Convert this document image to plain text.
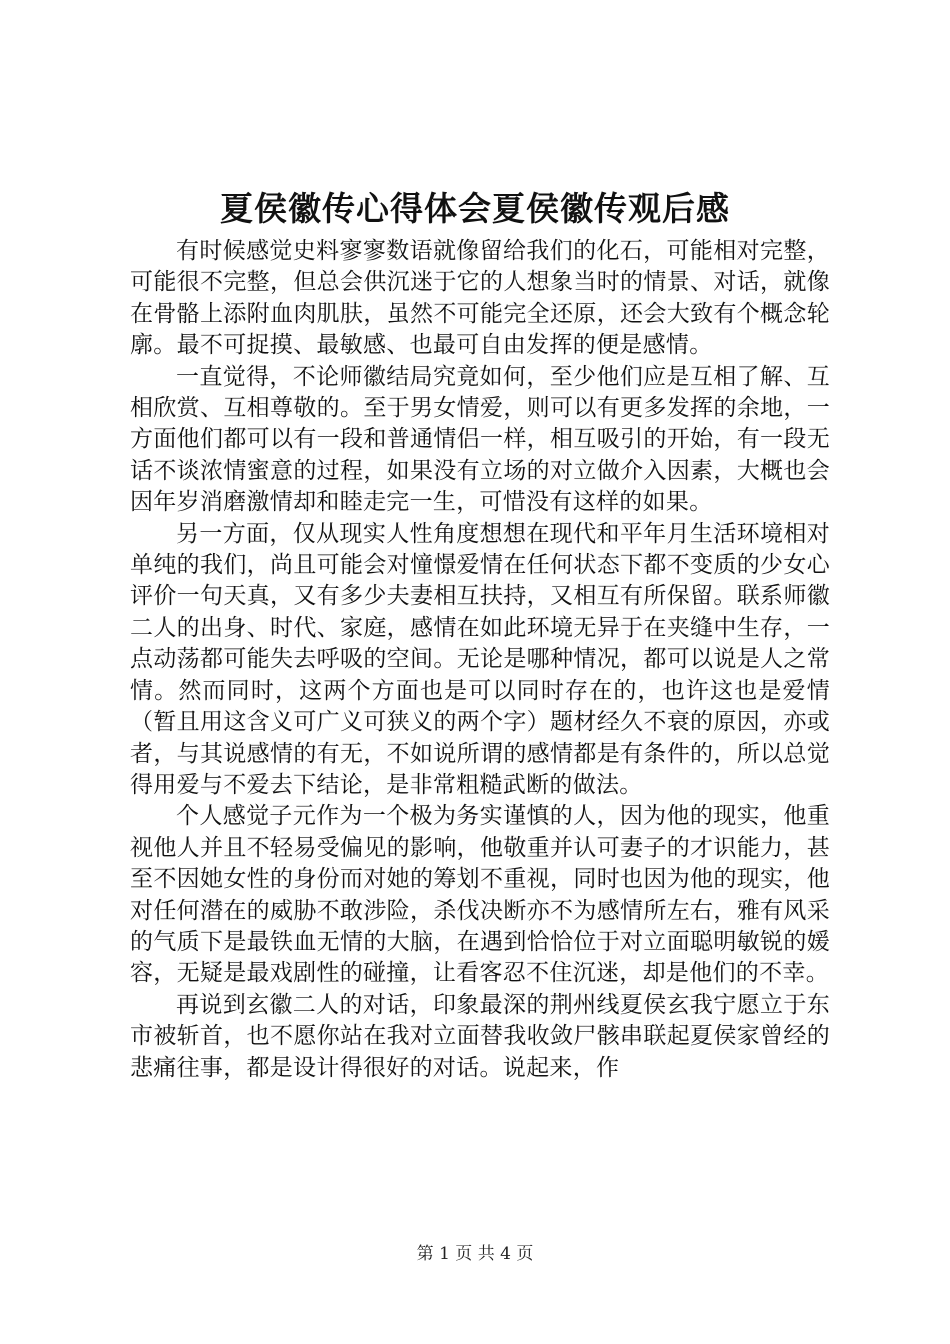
夏侯徽传心得体会夏侯徽传观后感

有时候感觉史料寥寥数语就像留给我们的化石，可能相对完整，可能很不完整，但总会供沉迷于它的人想象当时的情景、对话，就像在骨骼上添附血肉肌肤，虽然不可能完全还原，还会大致有个概念轮廓。最不可捉摸、最敏感、也最可自由发挥的便是感情。

一直觉得，不论师徽结局究竟如何，至少他们应是互相了解、互相欣赏、互相尊敬的。至于男女情爱，则可以有更多发挥的余地，一方面他们都可以有一段和普通情侣一样，相互吸引的开始，有一段无话不谈浓情蜜意的过程，如果没有立场的对立做介入因素，大概也会因年岁消磨激情却和睦走完一生，可惜没有这样的如果。

另一方面，仅从现实人性角度想想在现代和平年月生活环境相对单纯的我们，尚且可能会对憧憬爱情在任何状态下都不变质的少女心评价一句天真，又有多少夫妻相互扶持，又相互有所保留。联系师徽二人的出身、时代、家庭，感情在如此环境无异于在夹缝中生存，一点动荡都可能失去呼吸的空间。无论是哪种情况，都可以说是人之常情。然而同时，这两个方面也是可以同时存在的，也许这也是爱情（暂且用这含义可广义可狭义的两个字）题材经久不衰的原因，亦或者，与其说感情的有无，不如说所谓的感情都是有条件的，所以总觉得用爱与不爱去下结论，是非常粗糙武断的做法。

个人感觉子元作为一个极为务实谨慎的人，因为他的现实，他重视他人并且不轻易受偏见的影响，他敬重并认可妻子的才识能力，甚至不因她女性的身份而对她的筹划不重视，同时也因为他的现实，他对任何潜在的威胁不敢涉险，杀伐决断亦不为感情所左右，雅有风采的气质下是最铁血无情的大脑，在遇到恰恰位于对立面聪明敏锐的媛容，无疑是最戏剧性的碰撞，让看客忍不住沉迷，却是他们的不幸。

再说到玄徽二人的对话，印象最深的荆州线夏侯玄我宁愿立于东市被斩首，也不愿你站在我对立面替我收敛尸骸串联起夏侯家曾经的悲痛往事，都是设计得很好的对话。说起来，作

第 1 页 共 4 页
